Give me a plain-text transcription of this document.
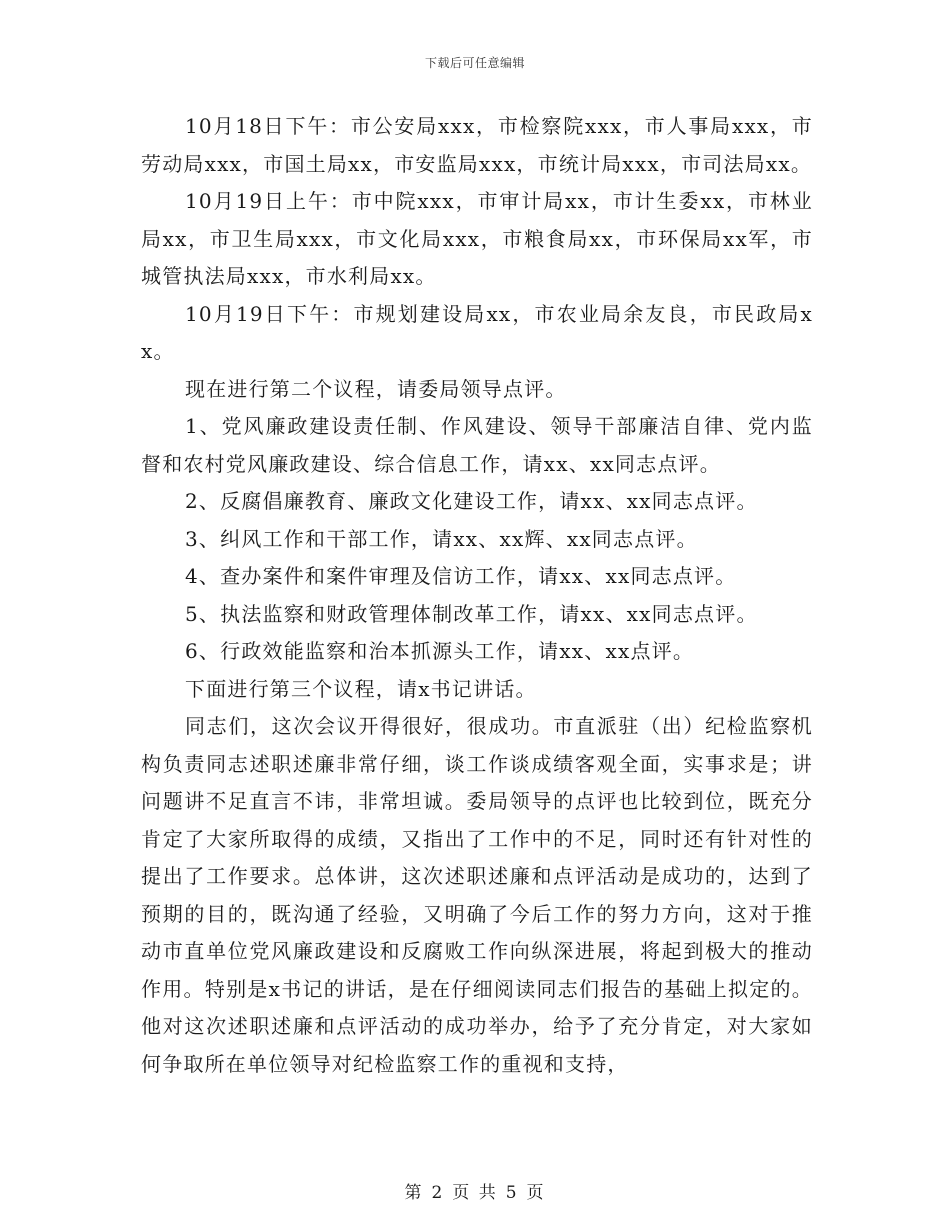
下载后可任意编辑

10月18日下午：市公安局xxx，市检察院xxx，市人事局xxx，市劳动局xxx，市国土局xx，市安监局xxx，市统计局xxx，市司法局xx。

10月19日上午：市中院xxx，市审计局xx，市计生委xx，市林业局xx，市卫生局xxx，市文化局xxx，市粮食局xx，市环保局xx军，市城管执法局xxx，市水利局xx。

10月19日下午：市规划建设局xx，市农业局余友良，市民政局xx。

现在进行第二个议程，请委局领导点评。

1、党风廉政建设责任制、作风建设、领导干部廉洁自律、党内监督和农村党风廉政建设、综合信息工作，请xx、xx同志点评。

2、反腐倡廉教育、廉政文化建设工作，请xx、xx同志点评。

3、纠风工作和干部工作，请xx、xx辉、xx同志点评。

4、查办案件和案件审理及信访工作，请xx、xx同志点评。

5、执法监察和财政管理体制改革工作，请xx、xx同志点评。

6、行政效能监察和治本抓源头工作，请xx、xx点评。

下面进行第三个议程，请x书记讲话。

同志们，这次会议开得很好，很成功。市直派驻（出）纪检监察机构负责同志述职述廉非常仔细，谈工作谈成绩客观全面，实事求是；讲问题讲不足直言不讳，非常坦诚。委局领导的点评也比较到位，既充分肯定了大家所取得的成绩，又指出了工作中的不足，同时还有针对性的提出了工作要求。总体讲，这次述职述廉和点评活动是成功的，达到了预期的目的，既沟通了经验，又明确了今后工作的努力方向，这对于推动市直单位党风廉政建设和反腐败工作向纵深进展，将起到极大的推动作用。特别是x书记的讲话，是在仔细阅读同志们报告的基础上拟定的。他对这次述职述廉和点评活动的成功举办，给予了充分肯定，对大家如何争取所在单位领导对纪检监察工作的重视和支持，

第 2 页 共 5 页
